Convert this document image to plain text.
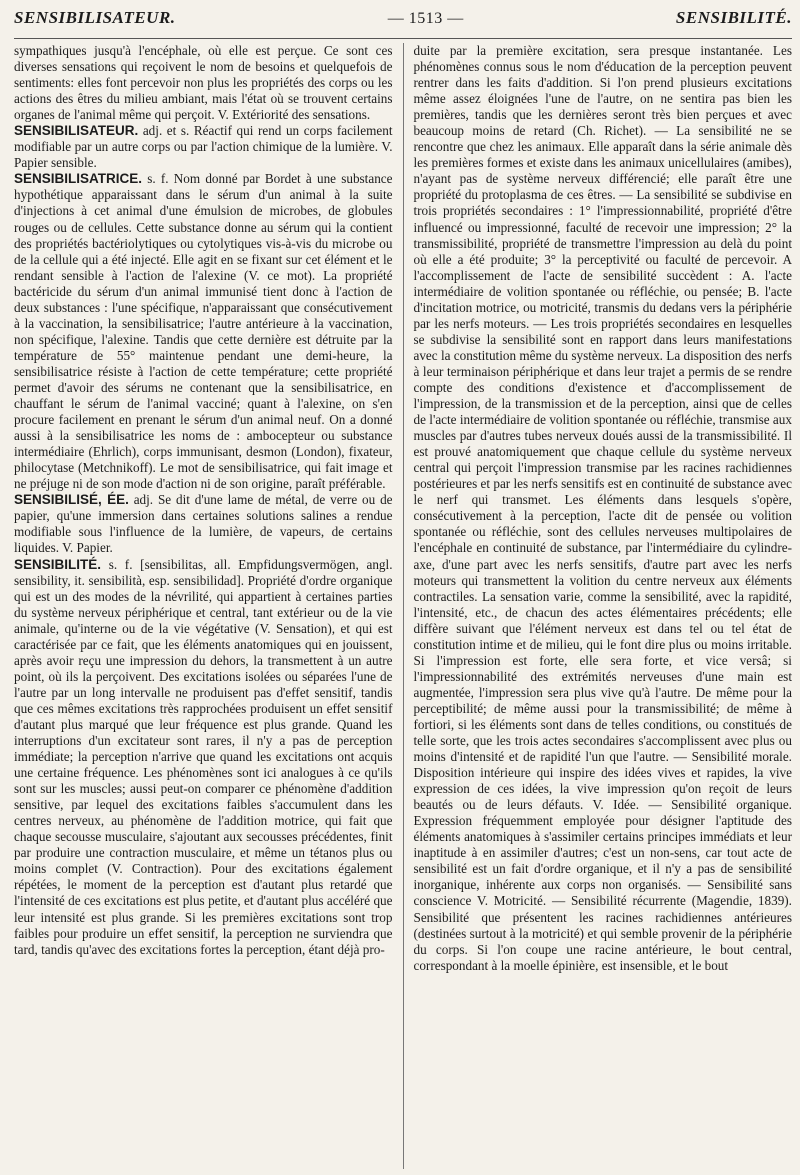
SENSIBILISATEUR.	— 1513 —	SENSIBILITÉ.

sympathiques jusqu'à l'encéphale, où elle est perçue. Ce sont ces diverses sensations qui reçoivent le nom de besoins et quelquefois de sentiments: elles font percevoir non plus les propriétés des corps ou les actions des êtres du milieu ambiant, mais l'état où se trouvent certains organes de l'animal même qui perçoit. V. Extériorité des sensations.

SENSIBILISATEUR. adj. et s. Réactif qui rend un corps facilement modifiable par un autre corps ou par l'action chimique de la lumière. V. Papier sensible.

SENSIBILISATRICE. s. f. Nom donné par Bordet à une substance hypothétique apparaissant dans le sérum d'un animal à la suite d'injections à cet animal d'une émulsion de microbes, de globules rouges ou de cellules. Cette substance donne au sérum qui la contient des propriétés bactériolytiques ou cytolytiques vis-à-vis du microbe ou de la cellule qui a été injecté. Elle agit en se fixant sur cet élément et le rendant sensible à l'action de l'alexine (V. ce mot). La propriété bactéricide du sérum d'un animal immunisé tient donc à l'action de deux substances : l'une spécifique, n'apparaissant que consécutivement à la vaccination, la sensibilisatrice; l'autre antérieure à la vaccination, non spécifique, l'alexine. Tandis que cette dernière est détruite par la température de 55° maintenue pendant une demi-heure, la sensibilisatrice résiste à l'action de cette température; cette propriété permet d'avoir des sérums ne contenant que la sensibilisatrice, en chauffant le sérum de l'animal vacciné; quant à l'alexine, on s'en procure facilement en prenant le sérum d'un animal neuf. On a donné aussi à la sensibilisatrice les noms de : ambocepteur ou substance intermédiaire (Ehrlich), corps immunisant, desmon (London), fixateur, philocytase (Metchnikoff). Le mot de sensibilisatrice, qui fait image et ne préjuge ni de son mode d'action ni de son origine, paraît préférable.

SENSIBILISÉ, ÉE. adj. Se dit d'une lame de métal, de verre ou de papier, qu'une immersion dans certaines solutions salines a rendue modifiable sous l'influence de la lumière, de vapeurs, de certains liquides. V. Papier.

SENSIBILITÉ. s. f. [sensibilitas, all. Empfidungsvermögen, angl. sensibility, it. sensibilità, esp. sensibilidad]. Propriété d'ordre organique qui est un des modes de la névrilité, qui appartient à certaines parties du système nerveux périphérique et central, tant extérieur ou de la vie animale, qu'interne ou de la vie végétative (V. Sensation), et qui est caractérisée par ce fait, que les éléments anatomiques qui en jouissent, après avoir reçu une impression du dehors, la transmettent à un autre point, où ils la perçoivent. Des excitations isolées ou séparées l'une de l'autre par un long intervalle ne produisent pas d'effet sensitif, tandis que ces mêmes excitations très rapprochées produisent un effet sensitif d'autant plus marqué que leur fréquence est plus grande. Quand les interruptions d'un excitateur sont rares, il n'y a pas de perception immédiate; la perception n'arrive que quand les excitations ont acquis une certaine fréquence. Les phénomènes sont ici analogues à ce qu'ils sont sur les muscles; aussi peut-on comparer ce phénomène d'addition sensitive, par lequel des excitations faibles s'accumulent dans les centres nerveux, au phénomène de l'addition motrice, qui fait que chaque secousse musculaire, s'ajoutant aux secousses précédentes, finit par produire une contraction musculaire, et même un tétanos plus ou moins complet (V. Contraction). Pour des excitations également répétées, le moment de la perception est d'autant plus retardé que l'intensité de ces excitations est plus petite, et d'autant plus accéléré que leur intensité est plus grande. Si les premières excitations sont trop faibles pour produire un effet sensitif, la perception ne surviendra que tard, tandis qu'avec des excitations fortes la perception, étant déjà pro-

duite par la première excitation, sera presque instantanée. Les phénomènes connus sous le nom d'éducation de la perception peuvent rentrer dans les faits d'addition. Si l'on prend plusieurs excitations même assez éloignées l'une de l'autre, on ne sentira pas bien les premières, tandis que les dernières seront très bien perçues et avec beaucoup moins de retard (Ch. Richet). — La sensibilité ne se rencontre que chez les animaux. Elle apparaît dans la série animale dès les premières formes et existe dans les animaux unicellulaires (amibes), n'ayant pas de système nerveux différencié; elle paraît être une propriété du protoplasma de ces êtres. — La sensibilité se subdivise en trois propriétés secondaires : 1° l'impressionnabilité, propriété d'être influencé ou impressionné, faculté de recevoir une impression; 2° la transmissibilité, propriété de transmettre l'impression au delà du point où elle a été produite; 3° la perceptivité ou faculté de percevoir. A l'accomplissement de l'acte de sensibilité succèdent : A. l'acte intermédiaire de volition spontanée ou réfléchie, ou pensée; B. l'acte d'incitation motrice, ou motricité, transmis du dedans vers la périphérie par les nerfs moteurs. — Les trois propriétés secondaires en lesquelles se subdivise la sensibilité sont en rapport dans leurs manifestations avec la constitution même du système nerveux. La disposition des nerfs à leur terminaison périphérique et dans leur trajet a permis de se rendre compte des conditions d'existence et d'accomplissement de l'impression, de la transmission et de la perception, ainsi que de celles de l'acte intermédiaire de volition spontanée ou réfléchie, transmise aux muscles par d'autres tubes nerveux doués aussi de la transmissibilité. Il est prouvé anatomiquement que chaque cellule du système nerveux central qui perçoit l'impression transmise par les racines rachidiennes postérieures et par les nerfs sensitifs est en continuité de substance avec le nerf qui transmet. Les éléments dans lesquels s'opère, consécutivement à la perception, l'acte dit de pensée ou volition spontanée ou réfléchie, sont des cellules nerveuses multipolaires de l'encéphale en continuité de substance, par l'intermédiaire du cylindre-axe, d'une part avec les nerfs sensitifs, d'autre part avec les nerfs moteurs qui transmettent la volition du centre nerveux aux éléments contractiles. La sensation varie, comme la sensibilité, avec la rapidité, l'intensité, etc., de chacun des actes élémentaires précédents; elle diffère suivant que l'élément nerveux est dans tel ou tel état de constitution intime et de milieu, qui le font dire plus ou moins irritable. Si l'impression est forte, elle sera forte, et vice versâ; si l'impressionnabilité des extrémités nerveuses d'une main est augmentée, l'impression sera plus vive qu'à l'autre. De même pour la perceptibilité; de même aussi pour la transmissibilité; de même à fortiori, si les éléments sont dans de telles conditions, ou constitués de telle sorte, que les trois actes secondaires s'accomplissent avec plus ou moins d'intensité et de rapidité l'un que l'autre. — Sensibilité morale. Disposition intérieure qui inspire des idées vives et rapides, la vive expression de ces idées, la vive impression qu'on reçoit de leurs beautés ou de leurs défauts. V. Idée. — Sensibilité organique. Expression fréquemment employée pour désigner l'aptitude des éléments anatomiques à s'assimiler certains principes immédiats et leur inaptitude à en assimiler d'autres; c'est un non-sens, car tout acte de sensibilité est un fait d'ordre organique, et il n'y a pas de sensibilité inorganique, inhérente aux corps non organisés. — Sensibilité sans conscience V. Motricité. — Sensibilité récurrente (Magendie, 1839). Sensibilité que présentent les racines rachidiennes antérieures (destinées surtout à la motricité) et qui semble provenir de la périphérie du corps. Si l'on coupe une racine antérieure, le bout central, correspondant à la moelle épinière, est insensible, et le bout
